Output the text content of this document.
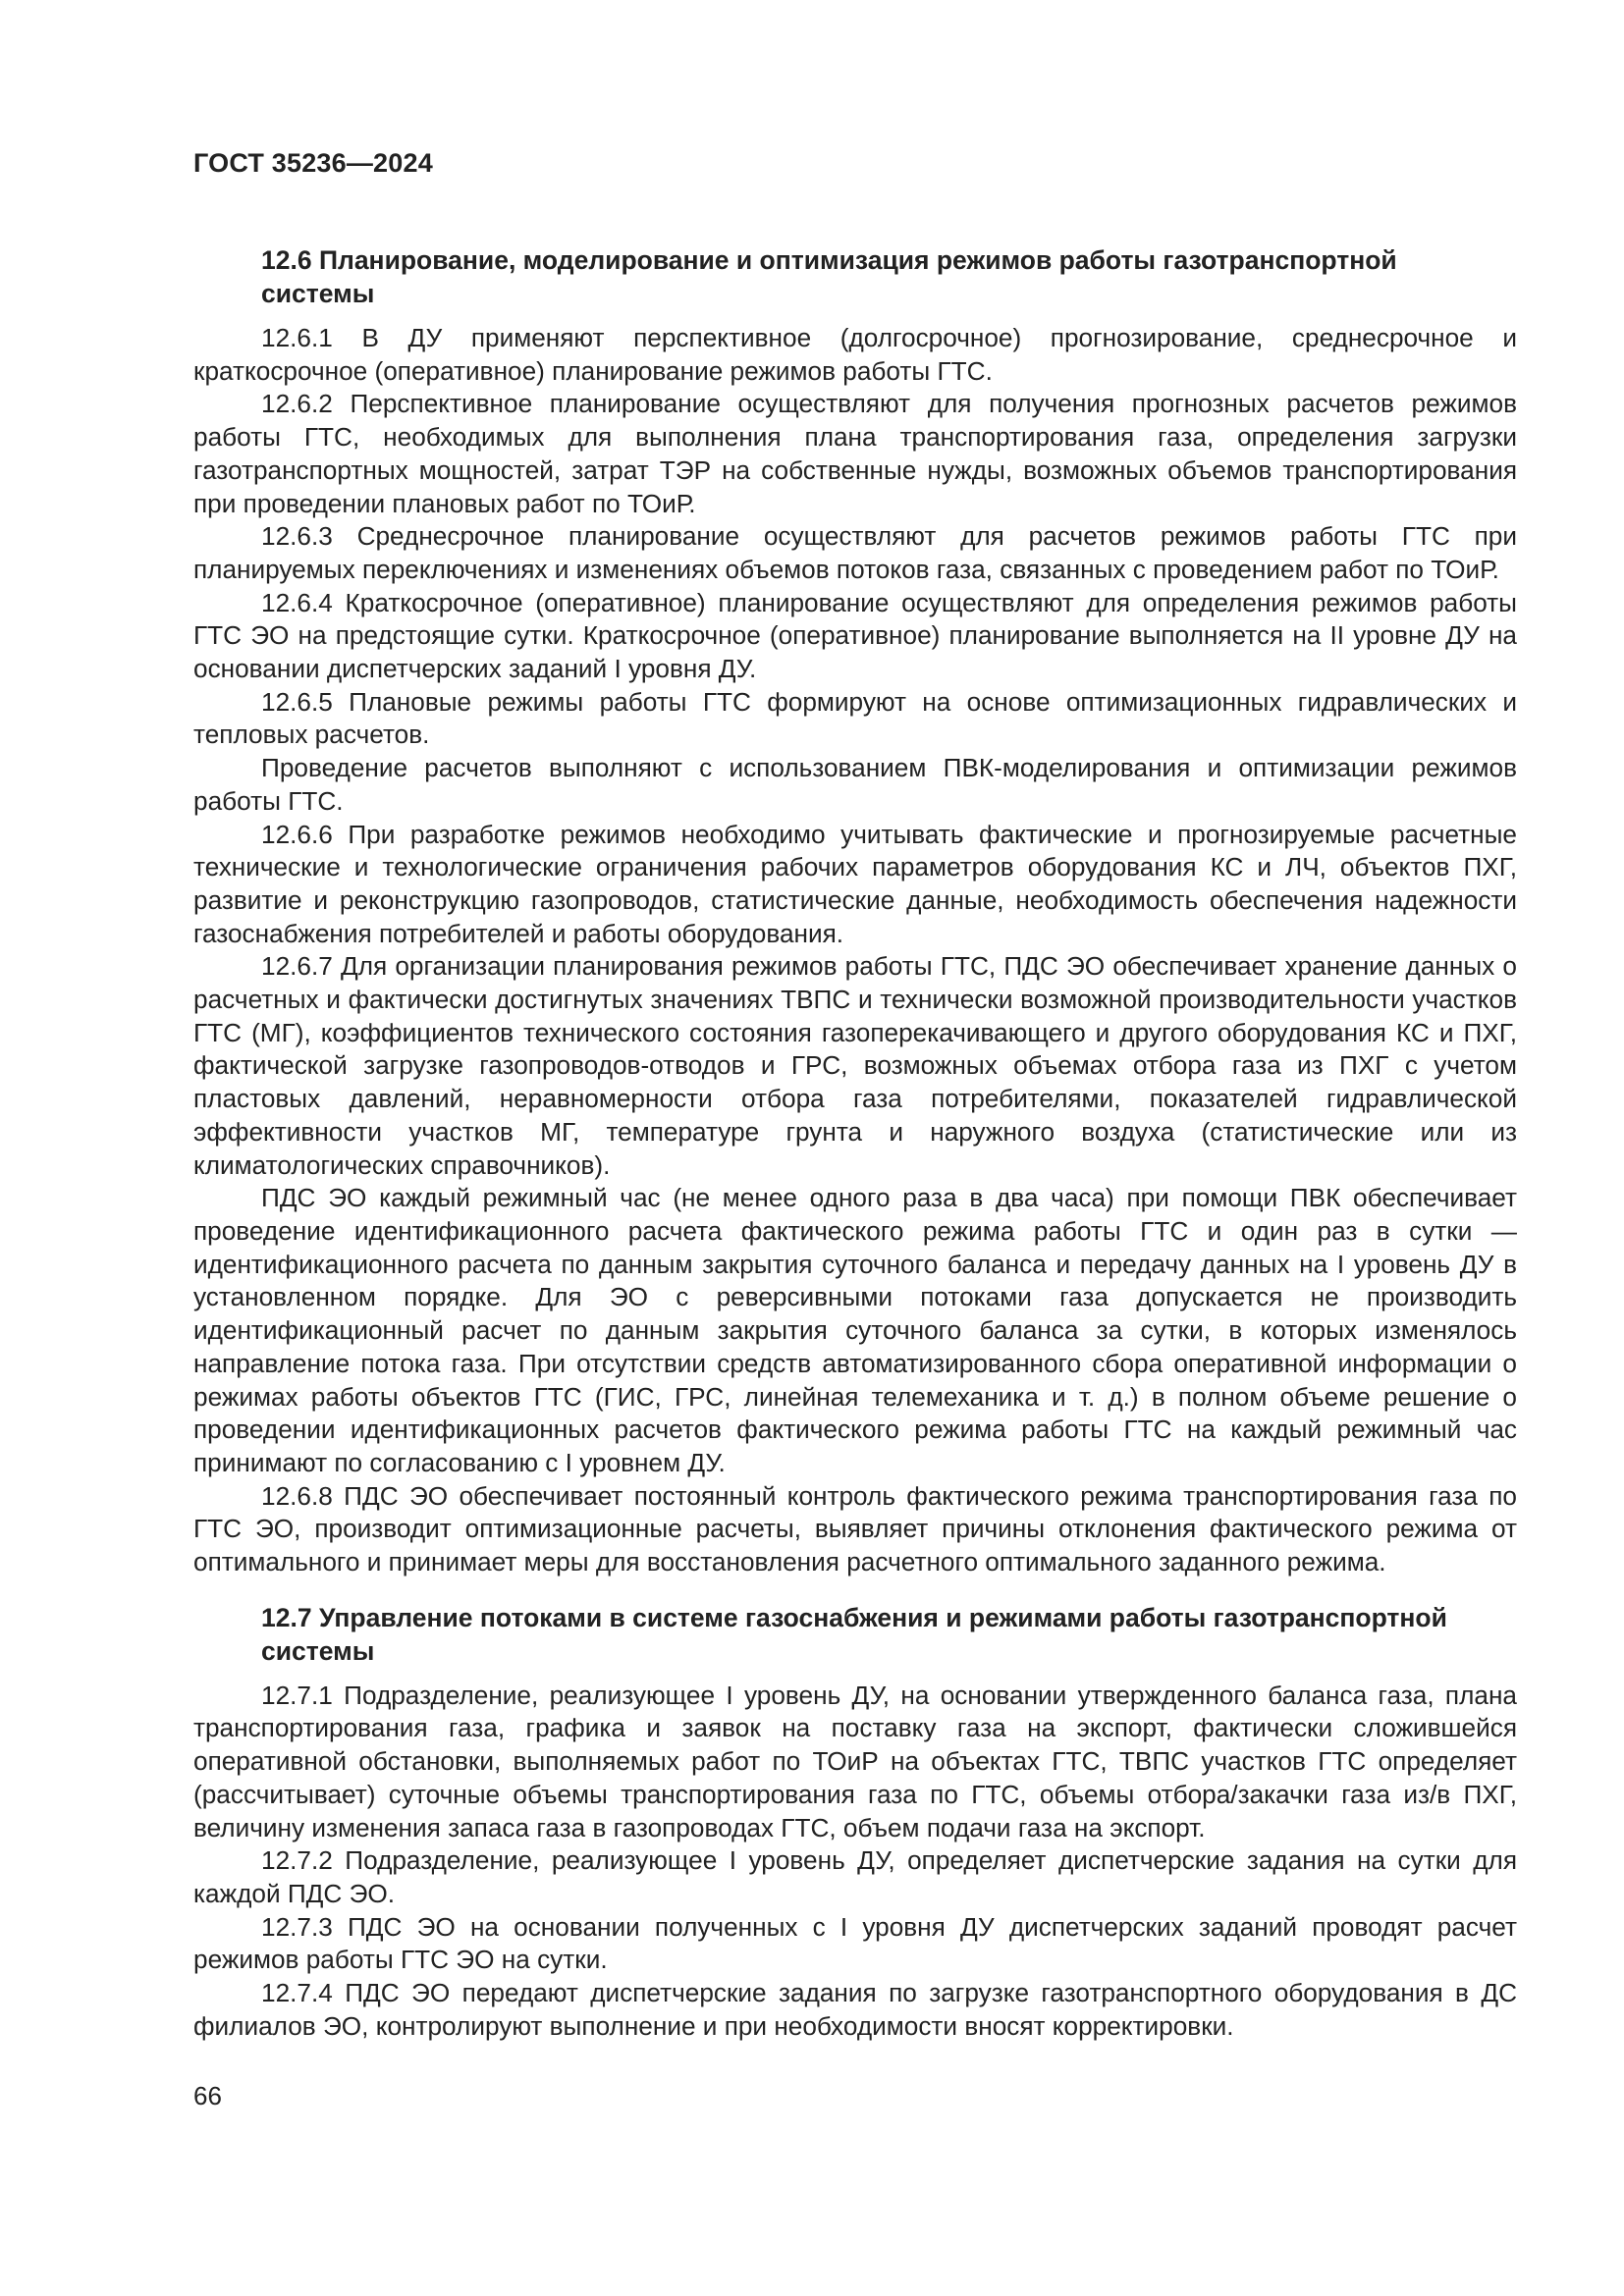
ГОСТ 35236—2024
12.6 Планирование, моделирование и оптимизация режимов работы газотранспортной системы

12.6.1 В ДУ применяют перспективное (долгосрочное) прогнозирование, среднесрочное и краткосрочное (оперативное) планирование режимов работы ГТС.

12.6.2 Перспективное планирование осуществляют для получения прогнозных расчетов режимов работы ГТС, необходимых для выполнения плана транспортирования газа, определения загрузки газотранспортных мощностей, затрат ТЭР на собственные нужды, возможных объемов транспортирования при проведении плановых работ по ТОиР.

12.6.3 Среднесрочное планирование осуществляют для расчетов режимов работы ГТС при планируемых переключениях и изменениях объемов потоков газа, связанных с проведением работ по ТОиР.

12.6.4 Краткосрочное (оперативное) планирование осуществляют для определения режимов работы ГТС ЭО на предстоящие сутки. Краткосрочное (оперативное) планирование выполняется на II уровне ДУ на основании диспетчерских заданий I уровня ДУ.

12.6.5 Плановые режимы работы ГТС формируют на основе оптимизационных гидравлических и тепловых расчетов.

Проведение расчетов выполняют с использованием ПВК-моделирования и оптимизации режимов работы ГТС.

12.6.6 При разработке режимов необходимо учитывать фактические и прогнозируемые расчетные технические и технологические ограничения рабочих параметров оборудования КС и ЛЧ, объектов ПХГ, развитие и реконструкцию газопроводов, статистические данные, необходимость обеспечения надежности газоснабжения потребителей и работы оборудования.

12.6.7 Для организации планирования режимов работы ГТС, ПДС ЭО обеспечивает хранение данных о расчетных и фактически достигнутых значениях ТВПС и технически возможной производительности участков ГТС (МГ), коэффициентов технического состояния газоперекачивающего и другого оборудования КС и ПХГ, фактической загрузке газопроводов-отводов и ГРС, возможных объемах отбора газа из ПХГ с учетом пластовых давлений, неравномерности отбора газа потребителями, показателей гидравлической эффективности участков МГ, температуре грунта и наружного воздуха (статистические или из климатологических справочников).

ПДС ЭО каждый режимный час (не менее одного раза в два часа) при помощи ПВК обеспечивает проведение идентификационного расчета фактического режима работы ГТС и один раз в сутки — идентификационного расчета по данным закрытия суточного баланса и передачу данных на I уровень ДУ в установленном порядке. Для ЭО с реверсивными потоками газа допускается не производить идентификационный расчет по данным закрытия суточного баланса за сутки, в которых изменялось направление потока газа. При отсутствии средств автоматизированного сбора оперативной информации о режимах работы объектов ГТС (ГИС, ГРС, линейная телемеханика и т. д.) в полном объеме решение о проведении идентификационных расчетов фактического режима работы ГТС на каждый режимный час принимают по согласованию с I уровнем ДУ.

12.6.8 ПДС ЭО обеспечивает постоянный контроль фактического режима транспортирования газа по ГТС ЭО, производит оптимизационные расчеты, выявляет причины отклонения фактического режима от оптимального и принимает меры для восстановления расчетного оптимального заданного режима.

12.7 Управление потоками в системе газоснабжения и режимами работы газотранспортной системы

12.7.1 Подразделение, реализующее I уровень ДУ, на основании утвержденного баланса газа, плана транспортирования газа, графика и заявок на поставку газа на экспорт, фактически сложившейся оперативной обстановки, выполняемых работ по ТОиР на объектах ГТС, ТВПС участков ГТС определяет (рассчитывает) суточные объемы транспортирования газа по ГТС, объемы отбора/закачки газа из/в ПХГ, величину изменения запаса газа в газопроводах ГТС, объем подачи газа на экспорт.

12.7.2 Подразделение, реализующее I уровень ДУ, определяет диспетчерские задания на сутки для каждой ПДС ЭО.

12.7.3 ПДС ЭО на основании полученных с I уровня ДУ диспетчерских заданий проводят расчет режимов работы ГТС ЭО на сутки.

12.7.4 ПДС ЭО передают диспетчерские задания по загрузке газотранспортного оборудования в ДС филиалов ЭО, контролируют выполнение и при необходимости вносят корректировки.

66
